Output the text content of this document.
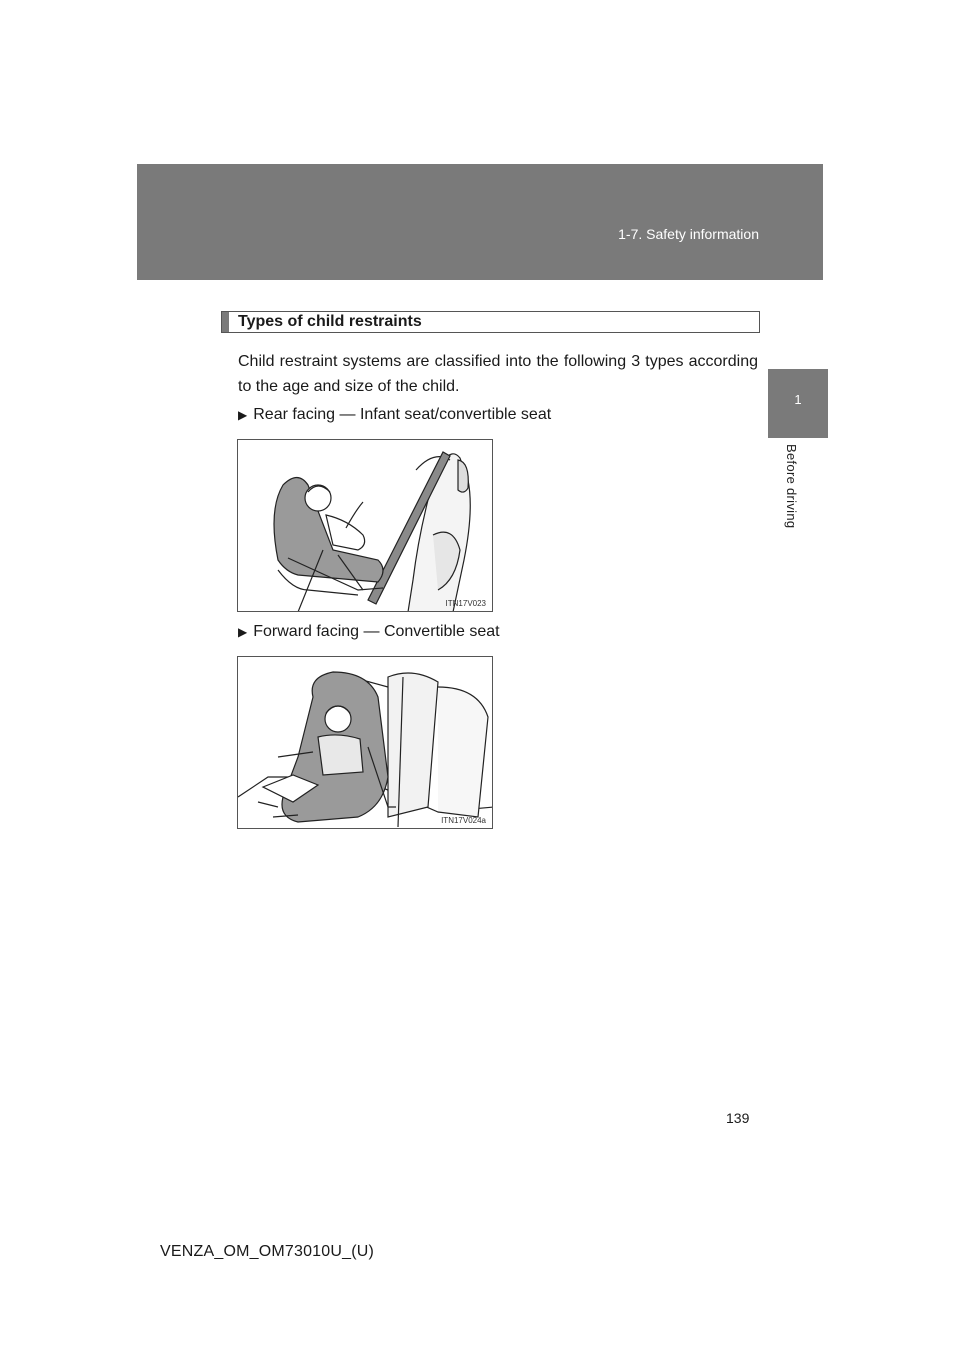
1-7. Safety information
1
Before driving
Types of child restraints
Child restraint systems are classified into the following 3 types according to the age and size of the child.
▶ Rear facing — Infant seat/convertible seat
ITN17V023
▶ Forward facing — Convertible seat
ITN17V024a
139
VENZA_OM_OM73010U_(U)
